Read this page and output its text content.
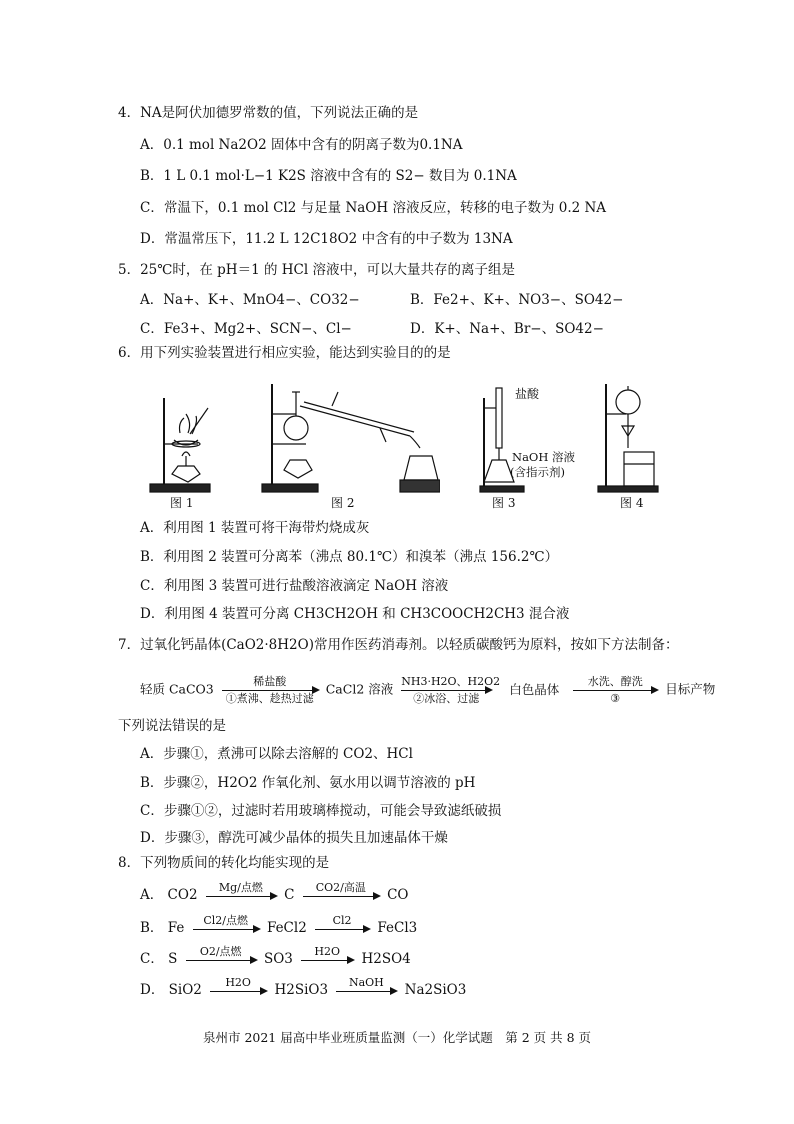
4．NA是阿伏加德罗常数的值，下列说法正确的是
A．0.1 mol Na2O2 固体中含有的阴离子数为0.1NA
B．1 L 0.1 mol·L−1 K2S 溶液中含有的 S2− 数目为 0.1NA
C．常温下，0.1 mol Cl2 与足量 NaOH 溶液反应，转移的电子数为 0.2 NA
D．常温常压下，11.2 L 12C18O2 中含有的中子数为 13NA
5．25℃时，在 pH＝1 的 HCl 溶液中，可以大量共存的离子组是
A．Na+、K+、MnO4−、CO32−	B．Fe2+、K+、NO3−、SO42−
C．Fe3+、Mg2+、SCN−、Cl−	D．K+、Na+、Br−、SO42−
6．用下列实验装置进行相应实验，能达到实验目的的是
图 1	图 2
盐酸
NaOH 溶液
(含指示剂)
图 3	图 4
A．利用图 1 装置可将干海带灼烧成灰
B．利用图 2 装置可分离苯（沸点 80.1℃）和溴苯（沸点 156.2℃）
C．利用图 3 装置可进行盐酸溶液滴定 NaOH 溶液
D．利用图 4 装置可分离 CH3CH2OH 和 CH3COOCH2CH3 混合液
7．过氧化钙晶体(CaO2·8H2O)常用作医药消毒剂。以轻质碳酸钙为原料，按如下方法制备：
轻质 CaCO3	稀盐酸
①煮沸、趁热过滤
CaCl2 溶液 NH3·H2O、H2O2
②冰浴、过滤
白色晶体	水洗、醇洗
③
目标产物
下列说法错误的是
A．步骤①，煮沸可以除去溶解的 CO2、HCl
B．步骤②，H2O2 作氧化剂、氨水用以调节溶液的 pH
C．步骤①②，过滤时若用玻璃棒搅动，可能会导致滤纸破损
D．步骤③，醇洗可减少晶体的损失且加速晶体干燥
8．下列物质间的转化均能实现的是
A． CO2	Mg/点燃	C	CO2/高温	CO
B． Fe	Cl2/点燃	FeCl2	Cl2	FeCl3
C． S	O2/点燃	SO3	H2O	H2SO4
D． SiO2	H2O	H2SiO3	NaOH	Na2SiO3
泉州市 2021 届高中毕业班质量监测（一）化学试题　第 2 页 共 8 页
